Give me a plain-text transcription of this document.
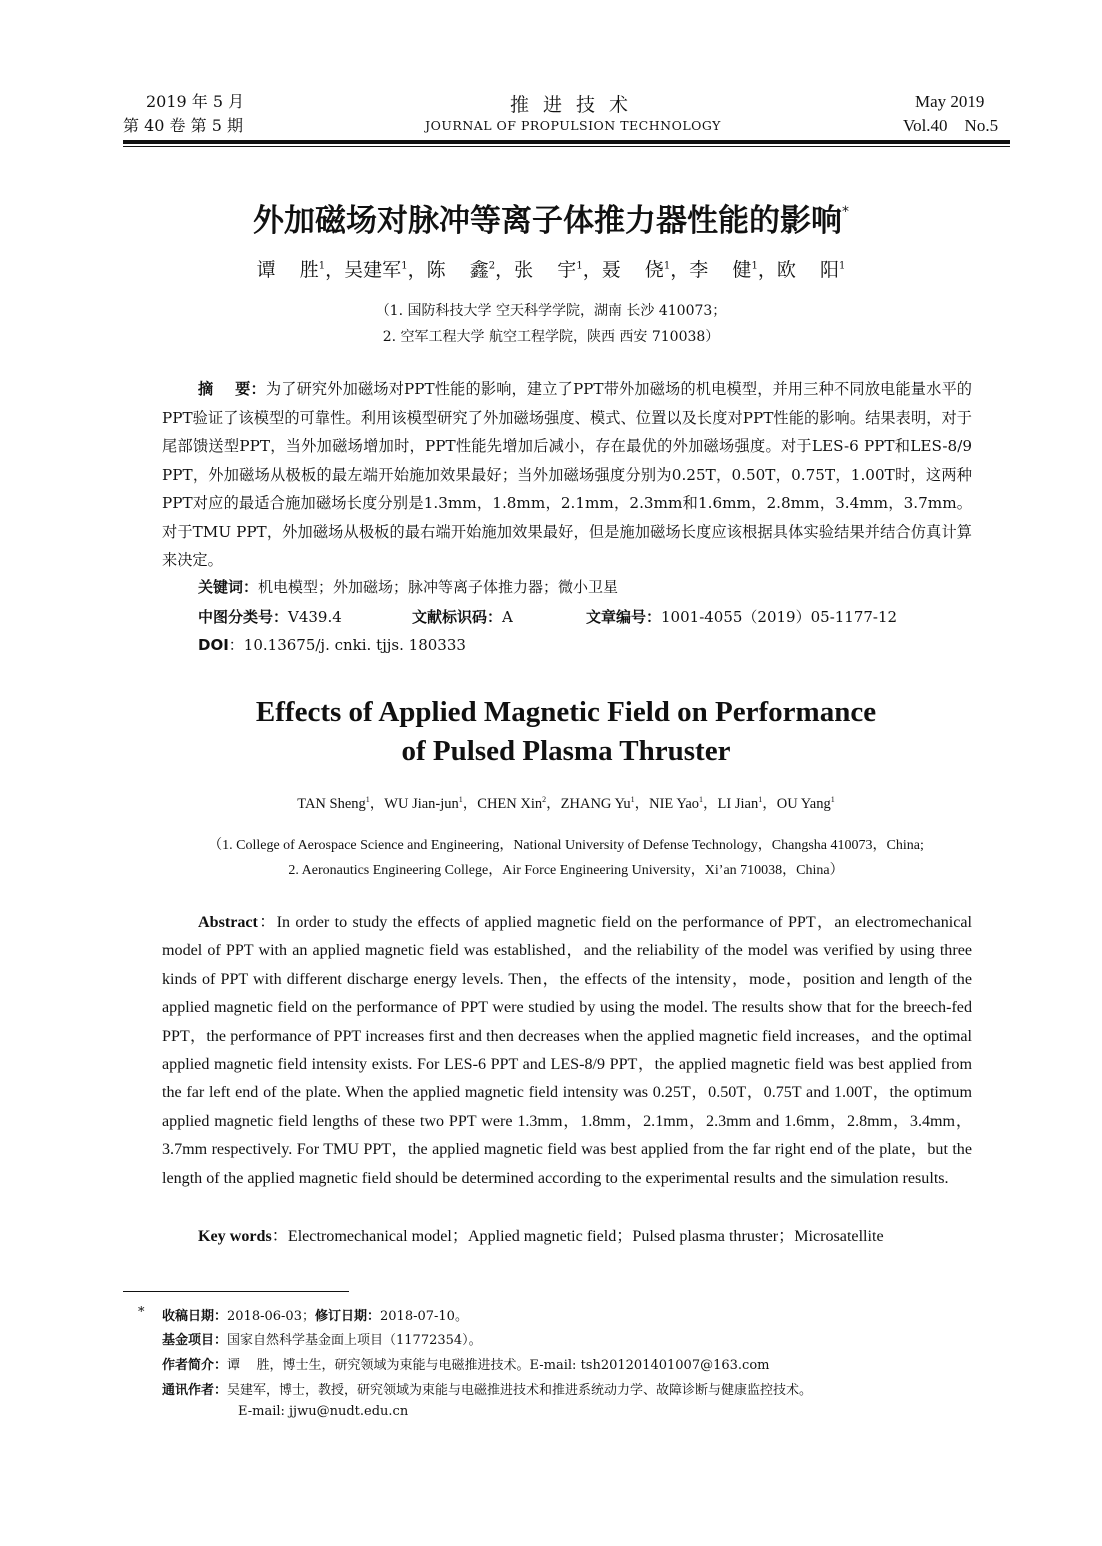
2019 年 5 月
第 40 卷 第 5 期
推进技术
JOURNAL OF PROPULSION TECHNOLOGY
May 2019
Vol.40    No.5
外加磁场对脉冲等离子体推力器性能的影响*
谭    胜$^1$，吴建军$^1$，陈    鑫$^2$，张    宇$^1$，聂    侥$^1$，李    健$^1$，欧    阳$^1$
（1. 国防科技大学 空天科学学院，湖南 长沙 410073；
2. 空军工程大学 航空工程学院，陕西 西安 710038）
摘    要：为了研究外加磁场对PPT性能的影响，建立了PPT带外加磁场的机电模型，并用三种不同放电能量水平的PPT验证了该模型的可靠性。利用该模型研究了外加磁场强度、模式、位置以及长度对PPT性能的影响。结果表明，对于尾部馈送型PPT，当外加磁场增加时，PPT性能先增加后减小，存在最优的外加磁场强度。对于LES-6 PPT和LES-8/9 PPT，外加磁场从极板的最左端开始施加效果最好；当外加磁场强度分别为0.25T，0.50T，0.75T，1.00T时，这两种PPT对应的最适合施加磁场长度分别是1.3mm，1.8mm，2.1mm，2.3mm和1.6mm，2.8mm，3.4mm，3.7mm。对于TMU PPT，外加磁场从极板的最右端开始施加效果最好，但是施加磁场长度应该根据具体实验结果并结合仿真计算来决定。
关键词：机电模型；外加磁场；脉冲等离子体推力器；微小卫星
中图分类号：V439.4	文献标识码：A	文章编号：1001-4055（2019）05-1177-12
DOI：10.13675/j. cnki. tjjs. 180333
Effects of Applied Magnetic Field on Performance
of Pulsed Plasma Thruster
TAN Sheng$^1$，WU Jian-jun$^1$，CHEN Xin$^2$，ZHANG Yu$^1$，NIE Yao$^1$，LI Jian$^1$，OU Yang$^1$
（1. College of Aerospace Science and Engineering，National University of Defense Technology，Changsha 410073，China;
2. Aeronautics Engineering College，Air Force Engineering University，Xi’an 710038，China）
Abstract：In order to study the effects of applied magnetic field on the performance of PPT，an electromechanical model of PPT with an applied magnetic field was established，and the reliability of the model was verified by using three kinds of PPT with different discharge energy levels. Then，the effects of the intensity，mode，position and length of the applied magnetic field on the performance of PPT were studied by using the model. The results show that for the breech-fed PPT，the performance of PPT increases first and then decreases when the applied magnetic field increases，and the optimal applied magnetic field intensity exists. For LES-6 PPT and LES-8/9 PPT，the applied magnetic field was best applied from the far left end of the plate. When the applied magnetic field intensity was 0.25T，0.50T，0.75T and 1.00T，the optimum applied magnetic field lengths of these two PPT were 1.3mm，1.8mm，2.1mm，2.3mm and 1.6mm，2.8mm，3.4mm，3.7mm respectively. For TMU PPT，the applied magnetic field was best applied from the far right end of the plate，but the length of the applied magnetic field should be determined according to the experimental results and the simulation results.
Key words：Electromechanical model；Applied magnetic field；Pulsed plasma thruster；Microsatellite
* 收稿日期：2018-06-03；修订日期：2018-07-10。
基金项目：国家自然科学基金面上项目（11772354）。
作者简介：谭    胜，博士生，研究领域为束能与电磁推进技术。E-mail: tsh201201401007@163.com
通讯作者：吴建军，博士，教授，研究领域为束能与电磁推进技术和推进系统动力学、故障诊断与健康监控技术。
E-mail: jjwu@nudt.edu.cn
